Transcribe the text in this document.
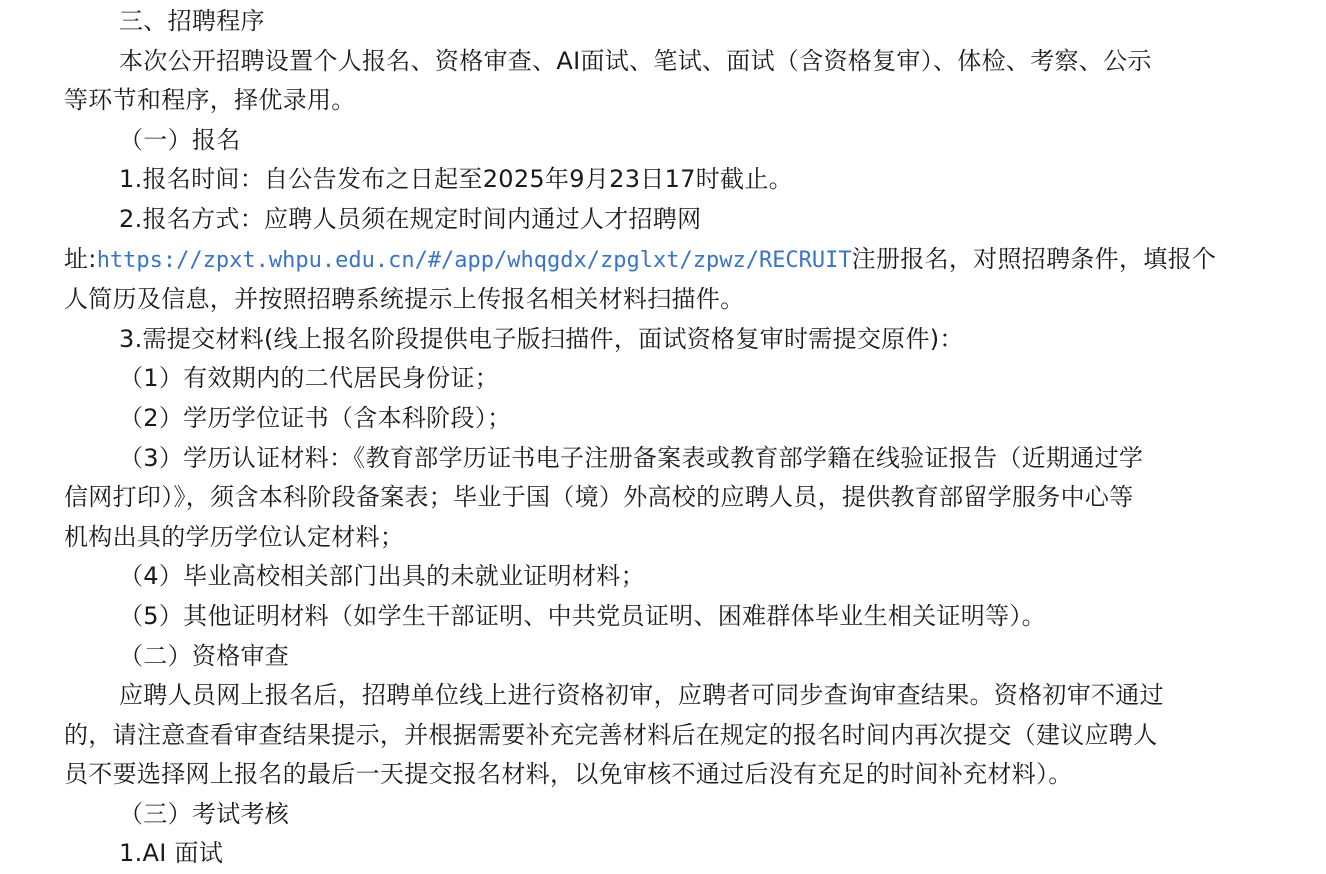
三、招聘程序

本次公开招聘设置个人报名、资格审查、AI面试、笔试、面试（含资格复审）、体检、考察、公示

等环节和程序，择优录用。

（一）报名

1.报名时间：自公告发布之日起至2025年9月23日17时截止。

2.报名方式：应聘人员须在规定时间内通过人才招聘网

址:https://zpxt.whpu.edu.cn/#/app/whqgdx/zpglxt/zpwz/RECRUIT注册报名，对照招聘条件，填报个

人简历及信息，并按照招聘系统提示上传报名相关材料扫描件。

3.需提交材料(线上报名阶段提供电子版扫描件，面试资格复审时需提交原件)：

（1）有效期内的二代居民身份证；

（2）学历学位证书（含本科阶段）；

（3）学历认证材料：《教育部学历证书电子注册备案表或教育部学籍在线验证报告（近期通过学

信网打印）》，须含本科阶段备案表；毕业于国（境）外高校的应聘人员，提供教育部留学服务中心等

机构出具的学历学位认定材料；

（4）毕业高校相关部门出具的未就业证明材料；

（5）其他证明材料（如学生干部证明、中共党员证明、困难群体毕业生相关证明等）。

（二）资格审查

应聘人员网上报名后，招聘单位线上进行资格初审，应聘者可同步查询审查结果。资格初审不通过

的，请注意查看审查结果提示，并根据需要补充完善材料后在规定的报名时间内再次提交（建议应聘人

员不要选择网上报名的最后一天提交报名材料，以免审核不通过后没有充足的时间补充材料）。

（三）考试考核

1.AI 面试
